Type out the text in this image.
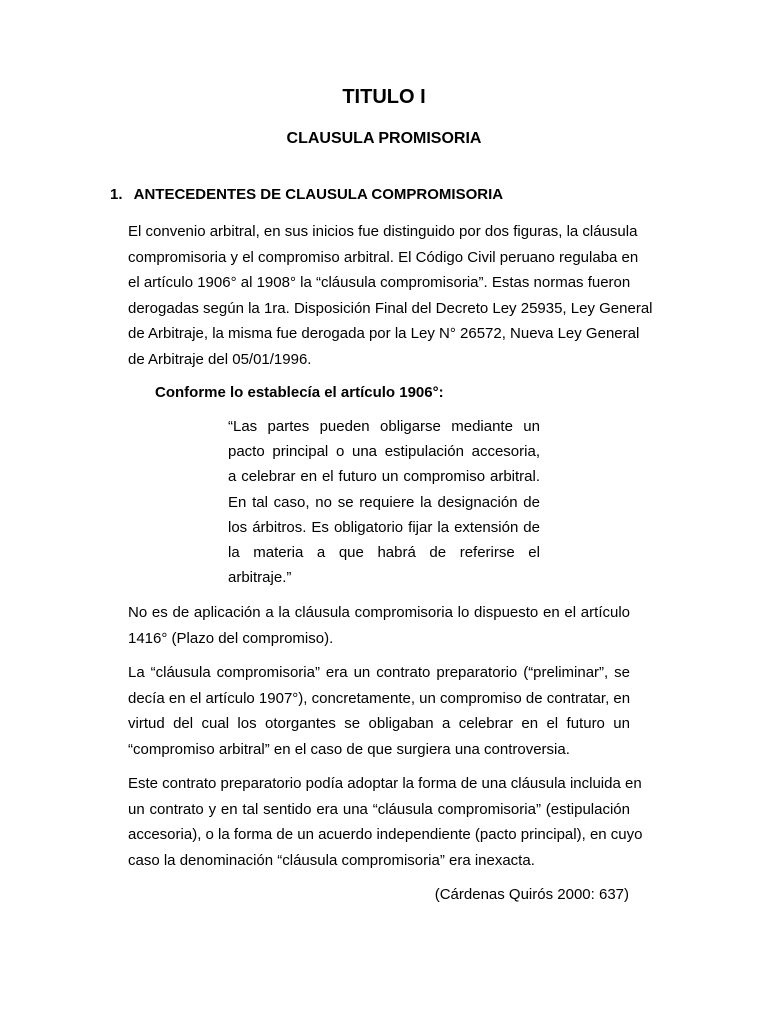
TITULO I
CLAUSULA PROMISORIA
1. ANTECEDENTES DE CLAUSULA COMPROMISORIA
El convenio arbitral, en sus inicios fue distinguido por dos figuras, la cláusula
compromisoria y el compromiso arbitral. El Código Civil peruano regulaba en
el artículo 1906° al 1908° la “cláusula compromisoria”. Estas normas fueron
derogadas según la 1ra. Disposición Final del Decreto Ley 25935, Ley General
de Arbitraje, la misma fue derogada por la Ley N° 26572, Nueva Ley General
de Arbitraje del 05/01/1996.
Conforme lo establecía el artículo 1906°:
“Las partes pueden obligarse mediante un
pacto principal o una estipulación accesoria,
a celebrar en el futuro un compromiso arbitral.
En tal caso, no se requiere la designación de
los árbitros. Es obligatorio fijar la extensión de
la materia a que habrá de referirse el
arbitraje.”
No es de aplicación a la cláusula compromisoria lo dispuesto en el artículo
1416° (Plazo del compromiso).
La “cláusula compromisoria” era un contrato preparatorio (“preliminar”, se
decía en el artículo 1907°), concretamente, un compromiso de contratar, en
virtud del cual los otorgantes se obligaban a celebrar en el futuro un
“compromiso arbitral” en el caso de que surgiera una controversia.
Este contrato preparatorio podía adoptar la forma de una cláusula incluida en
un contrato y en tal sentido era una “cláusula compromisoria” (estipulación
accesoria), o la forma de un acuerdo independiente (pacto principal), en cuyo
caso la denominación “cláusula compromisoria” era inexacta.
(Cárdenas Quirós 2000: 637)
